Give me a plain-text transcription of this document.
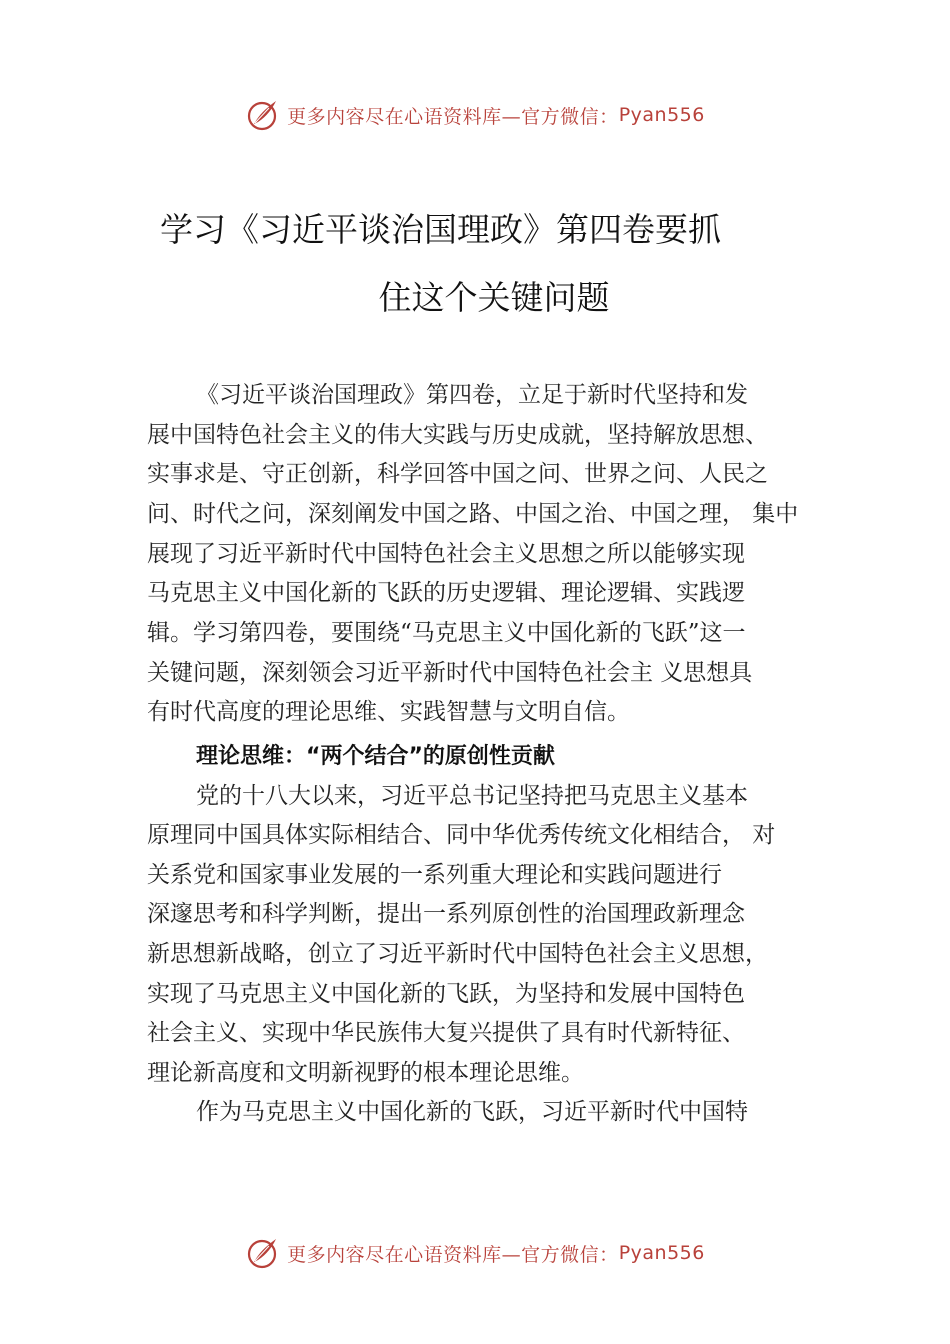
更多内容尽在心语资料库— 官方微信： Pyan556
学习《习近平谈治国理政》第四卷要抓
住这个关键问题
《习近平谈治国理政》第四卷，立足于新时代坚持和发
展中国特色社会主义的伟大实践与历史成就，坚持解放思想、
实事求是、守正创新，科学回答中国之问、世界之问、人民之
问、时代之问，深刻阐发中国之路、中国之治、中国之理， 集中
展现了习近平新时代中国特色社会主义思想之所以能够实现
马克思主义中国化新的飞跃的历史逻辑、理论逻辑、实践逻
辑。学习第四卷，要围绕“马克思主义中国化新的飞跃”这一
关键问题，深刻领会习近平新时代中国特色社会主 义思想具
有时代高度的理论思维、实践智慧与文明自信。
理论思维：“两个结合”的原创性贡献
党的十八大以来，习近平总书记坚持把马克思主义基本
原理同中国具体实际相结合、同中华优秀传统文化相结合， 对
关系党和国家事业发展的一系列重大理论和实践问题进行
深邃思考和科学判断，提出一系列原创性的治国理政新理念
新思想新战略，创立了习近平新时代中国特色社会主义思想，
实现了马克思主义中国化新的飞跃，为坚持和发展中国特色
社会主义、实现中华民族伟大复兴提供了具有时代新特征、
理论新高度和文明新视野的根本理论思维。
作为马克思主义中国化新的飞跃，习近平新时代中国特
更多内容尽在心语资料库— 官方微信： Pyan556
